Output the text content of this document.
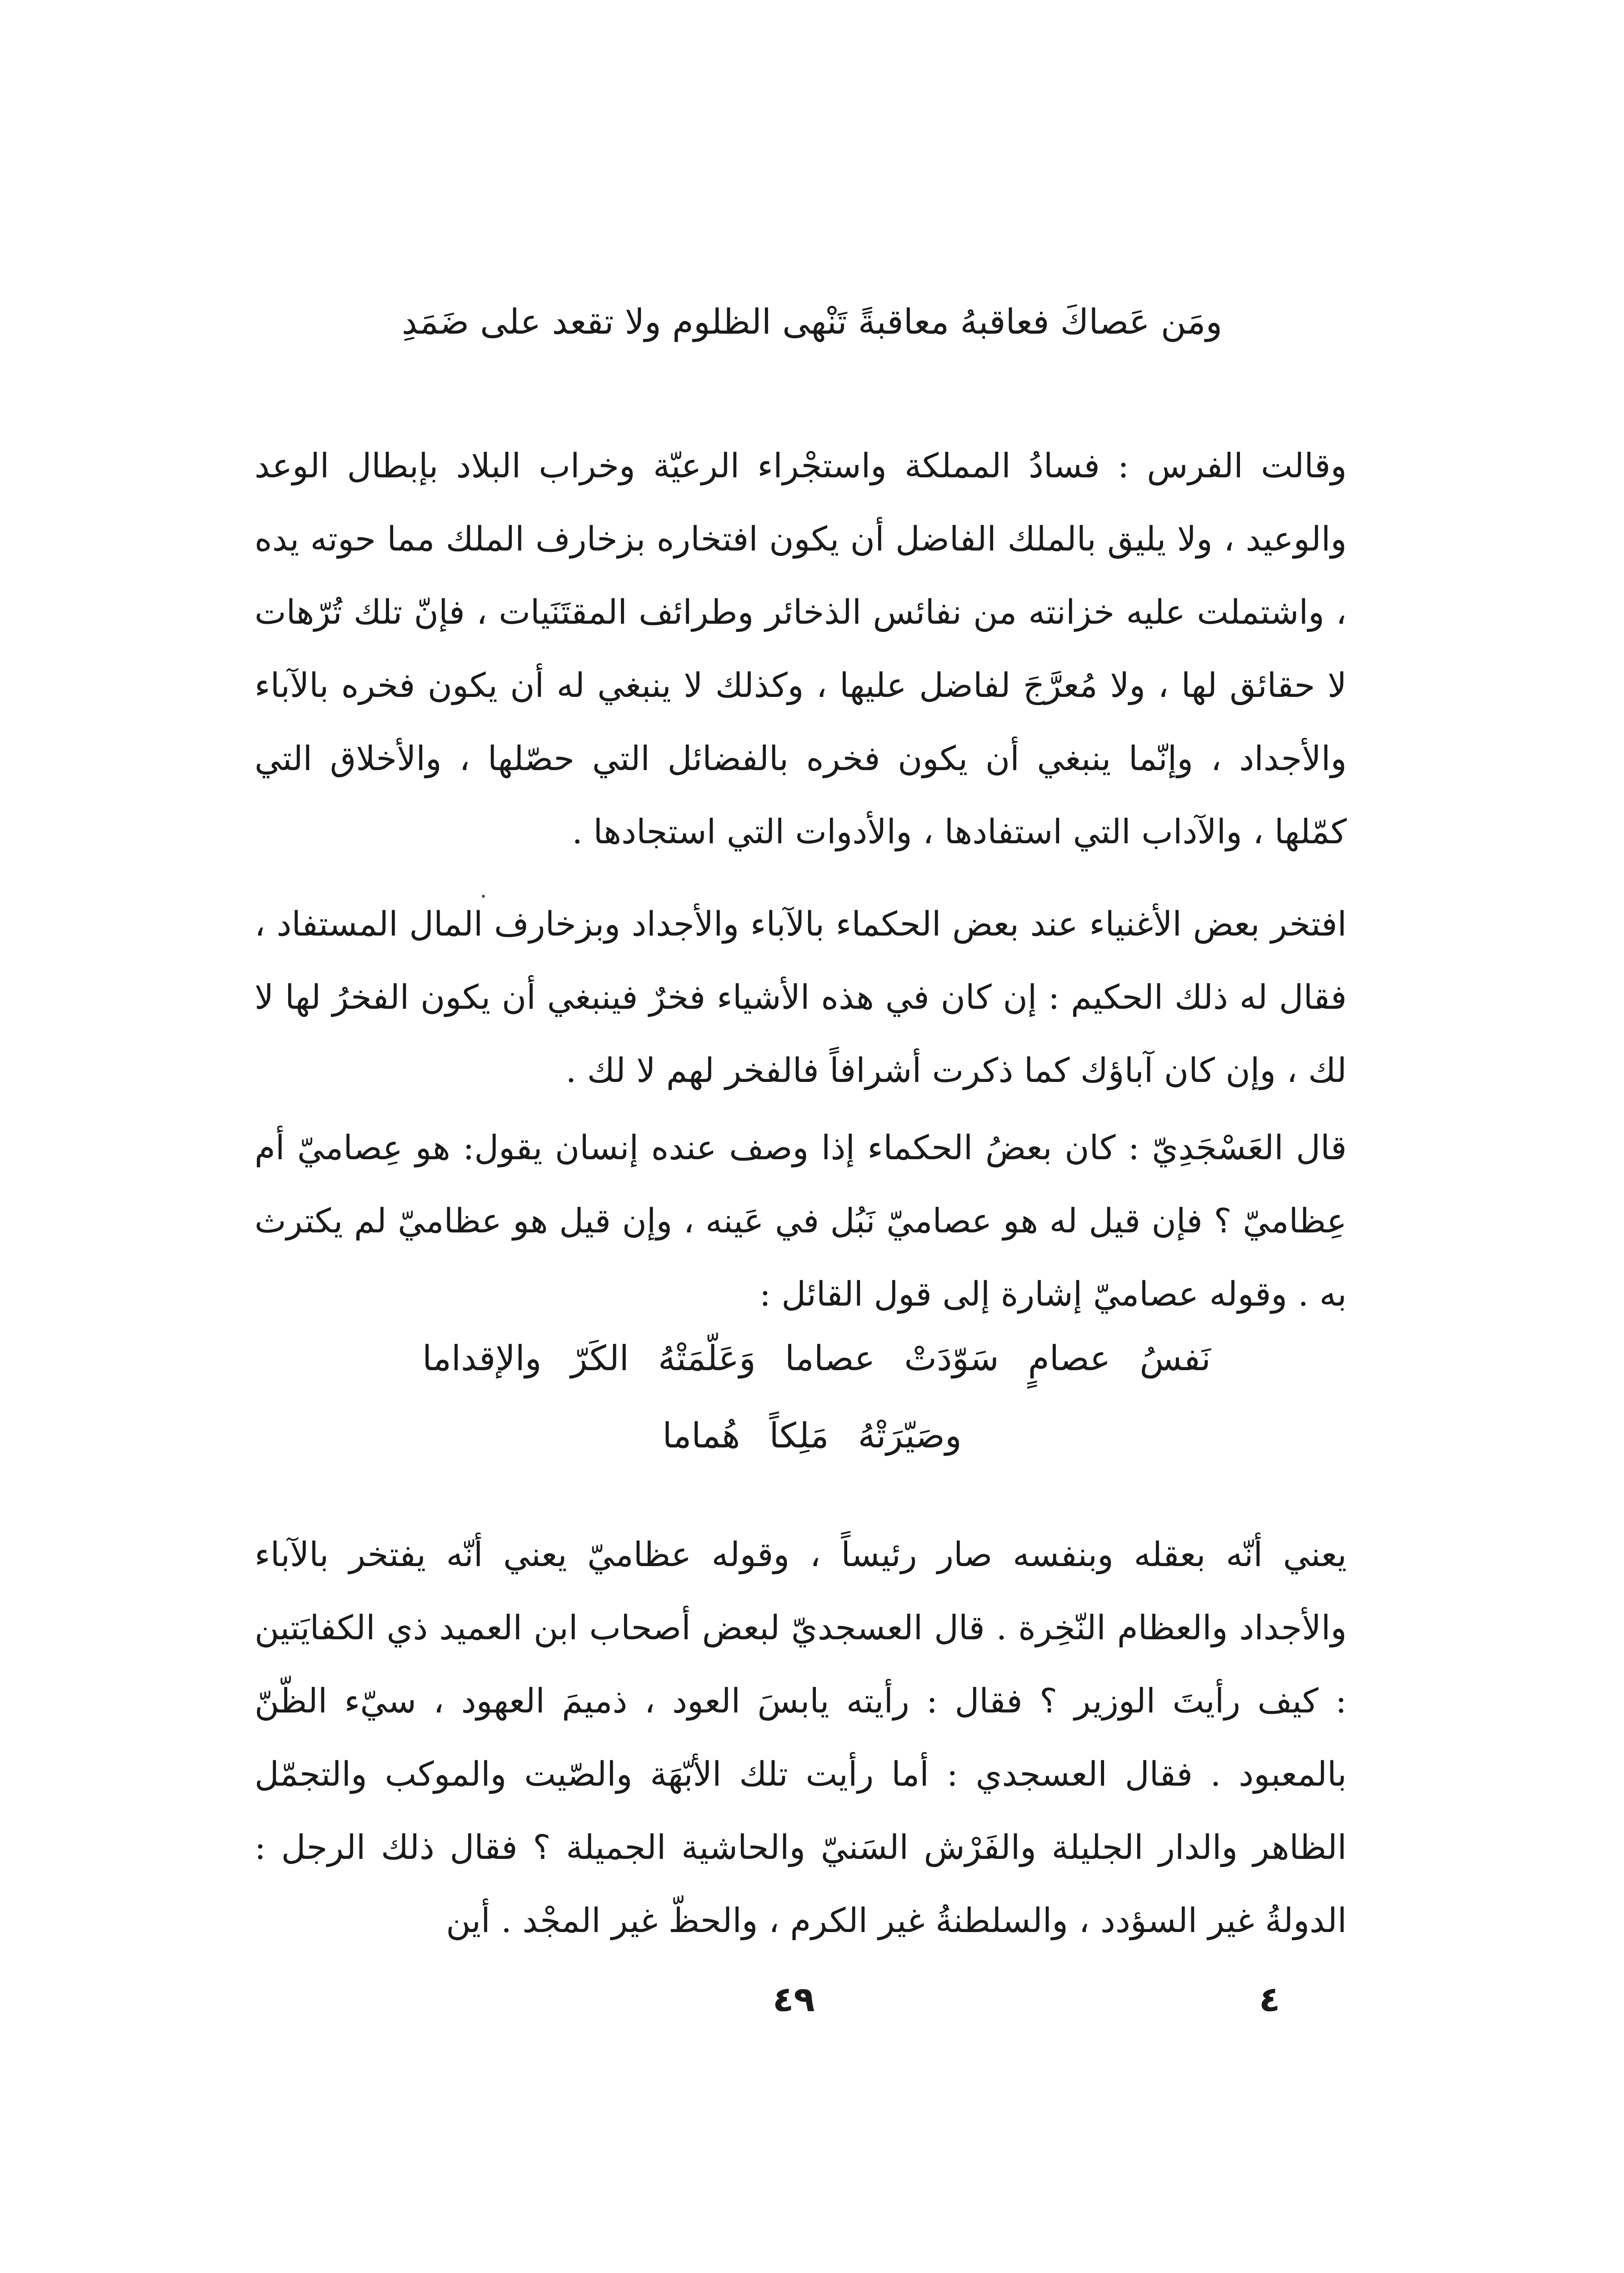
ومَن عَصاكَ فعاقبهُ معاقبةً تَنْهى الظلوم ولا تقعد على ضَمَدِ
وقالت الفرس : فسادُ المملكة واستجْراء الرعيّة وخراب البلاد بإبطال الوعد والوعيد ، ولا يليق بالملك الفاضل أن يكون افتخاره بزخارف الملك مما حوته يده ، واشتملت عليه خزانته من نفائس الذخائر وطرائف المقتَنَيات ، فإنّ تلك تُرّهات لا حقائق لها ، ولا مُعرَّجَ لفاضل عليها ، وكذلك لا ينبغي له أن يكون فخره بالآباء والأجداد ، وإنّما ينبغي أن يكون فخره بالفضائل التي حصّلها ، والأخلاق التي كمّلها ، والآداب التي استفادها ، والأدوات التي استجادها .
افتخر بعض الأغنياء عند بعض الحكماء بالآباء والأجداد وبزخارف المال المستفاد ، فقال له ذلك الحكيم : إن كان في هذه الأشياء فخرٌ فينبغي أن يكون الفخرُ لها لا لك ، وإن كان آباؤك كما ذكرت أشرافاً فالفخر لهم لا لك .
قال العَسْجَدِيّ : كان بعضُ الحكماء إذا وصف عنده إنسان يقول: هو عِصاميّ أم عِظاميّ ؟ فإن قيل له هو عصاميّ نَبُل في عَينه ، وإن قيل هو عظاميّ لم يكترث به . وقوله عصاميّ إشارة إلى قول القائل :
نَفسُ عصامٍ سَوّدَتْ عصاما وَعَلّمَتْهُ الكَرّ والإقداما
وصَيّرَتْهُ مَلِكاً هُماما
يعني أنّه بعقله وبنفسه صار رئيساً ، وقوله عظاميّ يعني أنّه يفتخر بالآباء والأجداد والعظام النّخِرة . قال العسجديّ لبعض أصحاب ابن العميد ذي الكفايَتين : كيف رأيتَ الوزير ؟ فقال : رأيته يابسَ العود ، ذميمَ العهود ، سيّء الظّنّ بالمعبود . فقال العسجدي : أما رأيت تلك الأبّهَة والصّيت والموكب والتجمّل الظاهر والدار الجليلة والفَرْش السَنيّ والحاشية الجميلة ؟ فقال ذلك الرجل : الدولةُ غير السؤدد ، والسلطنةُ غير الكرم ، والحظّ غير المجْد . أين
٤٩	٤
